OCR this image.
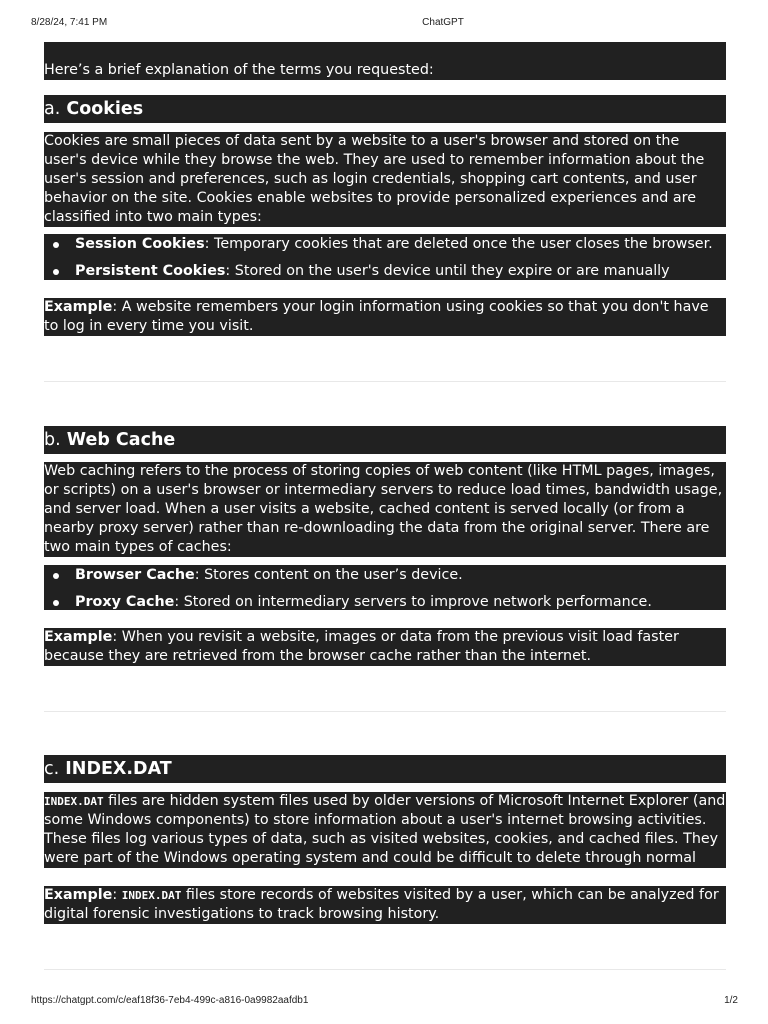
8/28/24, 7:41 PM	ChatGPT
Here’s a brief explanation of the terms you requested:
a. Cookies
Cookies are small pieces of data sent by a website to a user's browser and stored on the user's device while they browse the web. They are used to remember information about the user's session and preferences, such as login credentials, shopping cart contents, and user behavior on the site. Cookies enable websites to provide personalized experiences and are classified into two main types:
Session Cookies: Temporary cookies that are deleted once the user closes the browser.
Persistent Cookies: Stored on the user's device until they expire or are manually deleted.
Example: A website remembers your login information using cookies so that you don't have to log in every time you visit.
b. Web Cache
Web caching refers to the process of storing copies of web content (like HTML pages, images, or scripts) on a user's browser or intermediary servers to reduce load times, bandwidth usage, and server load. When a user visits a website, cached content is served locally (or from a nearby proxy server) rather than re-downloading the data from the original server. There are two main types of caches:
Browser Cache: Stores content on the user’s device.
Proxy Cache: Stored on intermediary servers to improve network performance.
Example: When you revisit a website, images or data from the previous visit load faster because they are retrieved from the browser cache rather than the internet.
c. INDEX.DAT
INDEX.DAT files are hidden system files used by older versions of Microsoft Internet Explorer (and some Windows components) to store information about a user's internet browsing activities. These files log various types of data, such as visited websites, cookies, and cached files. They were part of the Windows operating system and could be difficult to delete through normal means.
Example: INDEX.DAT files store records of websites visited by a user, which can be analyzed for digital forensic investigations to track browsing history.
https://chatgpt.com/c/eaf18f36-7eb4-499c-a816-0a9982aafdb1	1/2
